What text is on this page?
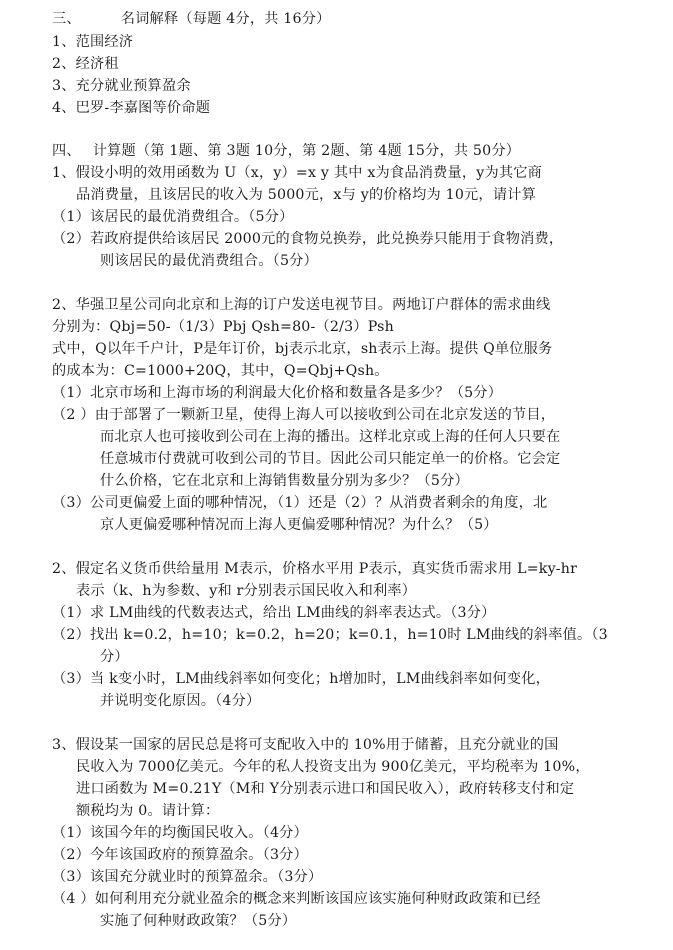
三、	名词解释（每题 4分，共 16分）
1、范围经济
2、经济租
3、充分就业预算盈余
4、巴罗-李嘉图等价命题
四、 计算题（第 1题、第 3题 10分，第 2题、第 4题 15分，共 50分）
1、假设小明的效用函数为 U（x，y）=x y 其中 x为食品消费量，y为其它商
品消费量，且该居民的收入为 5000元，x与 y的价格均为 10元，请计算
（1）该居民的最优消费组合。（5分）
（2）若政府提供给该居民 2000元的食物兑换券，此兑换券只能用于食物消费，
则该居民的最优消费组合。（5分）
2、华强卫星公司向北京和上海的订户发送电视节目。两地订户群体的需求曲线
分别为：Qbj=50-（1/3）Pbj Qsh=80-（2/3）Psh
式中，Q以年千户计，P是年订价，bj表示北京，sh表示上海。提供 Q单位服务
的成本为：C=1000+20Q，其中，Q=Qbj+Qsh。
（1）北京市场和上海市场的利润最大化价格和数量各是多少？（5分）
（2 ）由于部署了一颗新卫星，使得上海人可以接收到公司在北京发送的节目，
而北京人也可接收到公司在上海的播出。这样北京或上海的任何人只要在
任意城市付费就可收到公司的节目。因此公司只能定单一的价格。它会定
什么价格，它在北京和上海销售数量分别为多少？（5分）
（3）公司更偏爱上面的哪种情况，（1）还是（2）？从消费者剩余的角度，北
京人更偏爱哪种情况而上海人更偏爱哪种情况？为什么？（5）
2、假定名义货币供给量用 M表示，价格水平用 P表示，真实货币需求用 L=ky-hr
表示（k、h为参数、y和 r分别表示国民收入和利率）
（1）求 LM曲线的代数表达式，给出 LM曲线的斜率表达式。（3分）
（2）找出 k=0.2，h=10；k=0.2，h=20；k=0.1，h=10时 LM曲线的斜率值。（3
分）
（3）当 k变小时，LM曲线斜率如何变化；h增加时，LM曲线斜率如何变化，
并说明变化原因。（4分）
3、假设某一国家的居民总是将可支配收入中的 10%用于储蓄，且充分就业的国
民收入为 7000亿美元。今年的私人投资支出为 900亿美元，平均税率为 10%，
进口函数为 M=0.21Y（M和 Y分别表示进口和国民收入），政府转移支付和定
额税均为 0。请计算：
（1）该国今年的均衡国民收入。（4分）
（2）今年该国政府的预算盈余。（3分）
（3）该国充分就业时的预算盈余。（3分）
（4 ）如何利用充分就业盈余的概念来判断该国应该实施何种财政政策和已经
实施了何种财政政策？（5分）
